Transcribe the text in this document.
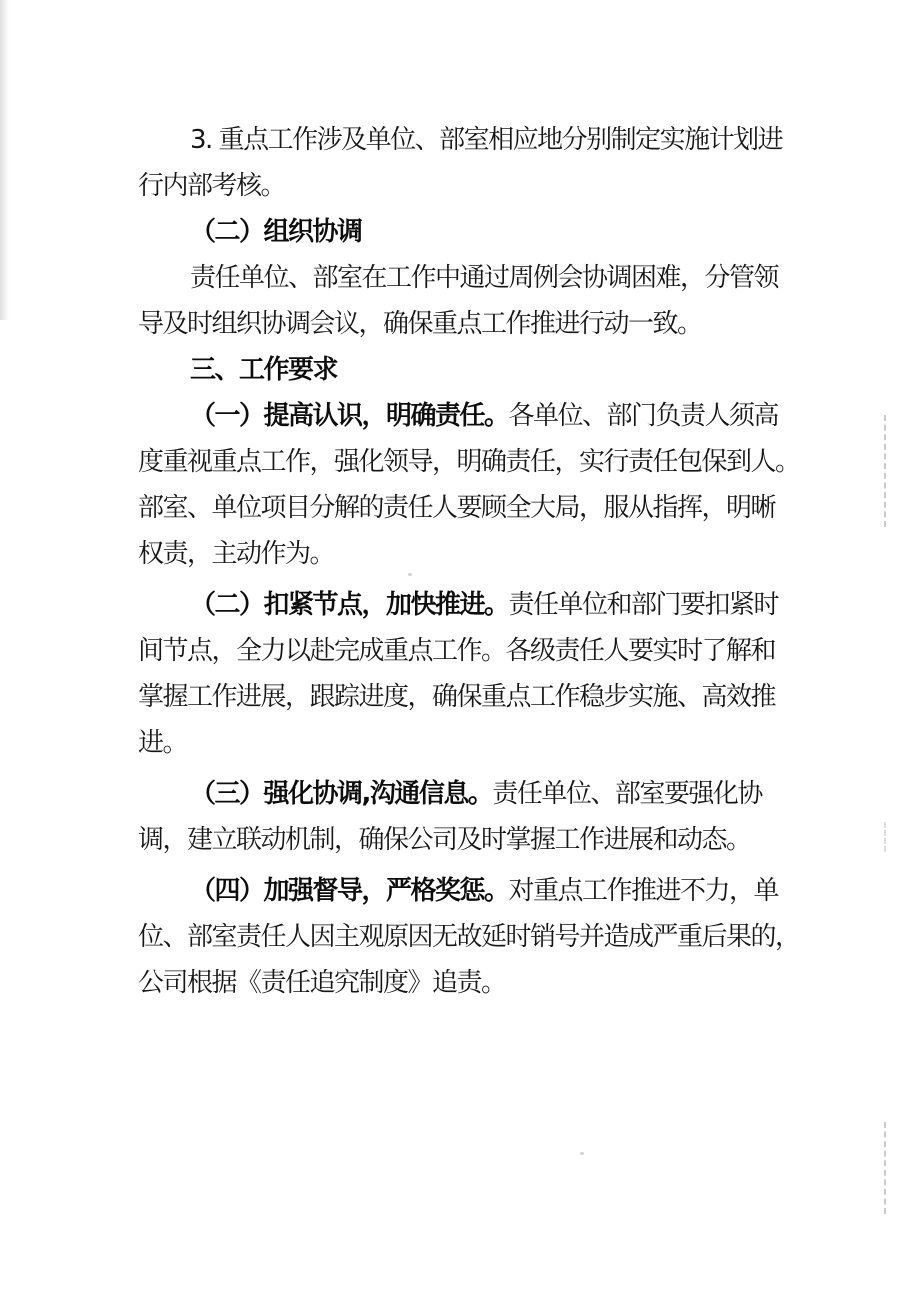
3. 重点工作涉及单位、部室相应地分别制定实施计划进

行内部考核。

（二）组织协调

责任单位、部室在工作中通过周例会协调困难，分管领

导及时组织协调会议，确保重点工作推进行动一致。

三、工作要求

（一）提高认识，明确责任。各单位、部门负责人须高

度重视重点工作，强化领导，明确责任，实行责任包保到人。

部室、单位项目分解的责任人要顾全大局，服从指挥，明晰

权责，主动作为。

（二）扣紧节点，加快推进。责任单位和部门要扣紧时

间节点，全力以赴完成重点工作。各级责任人要实时了解和

掌握工作进展，跟踪进度，确保重点工作稳步实施、高效推

进。

（三）强化协调,沟通信息。责任单位、部室要强化协

调，建立联动机制，确保公司及时掌握工作进展和动态。

（四）加强督导，严格奖惩。对重点工作推进不力，单

位、部室责任人因主观原因无故延时销号并造成严重后果的，

公司根据《责任追究制度》追责。
